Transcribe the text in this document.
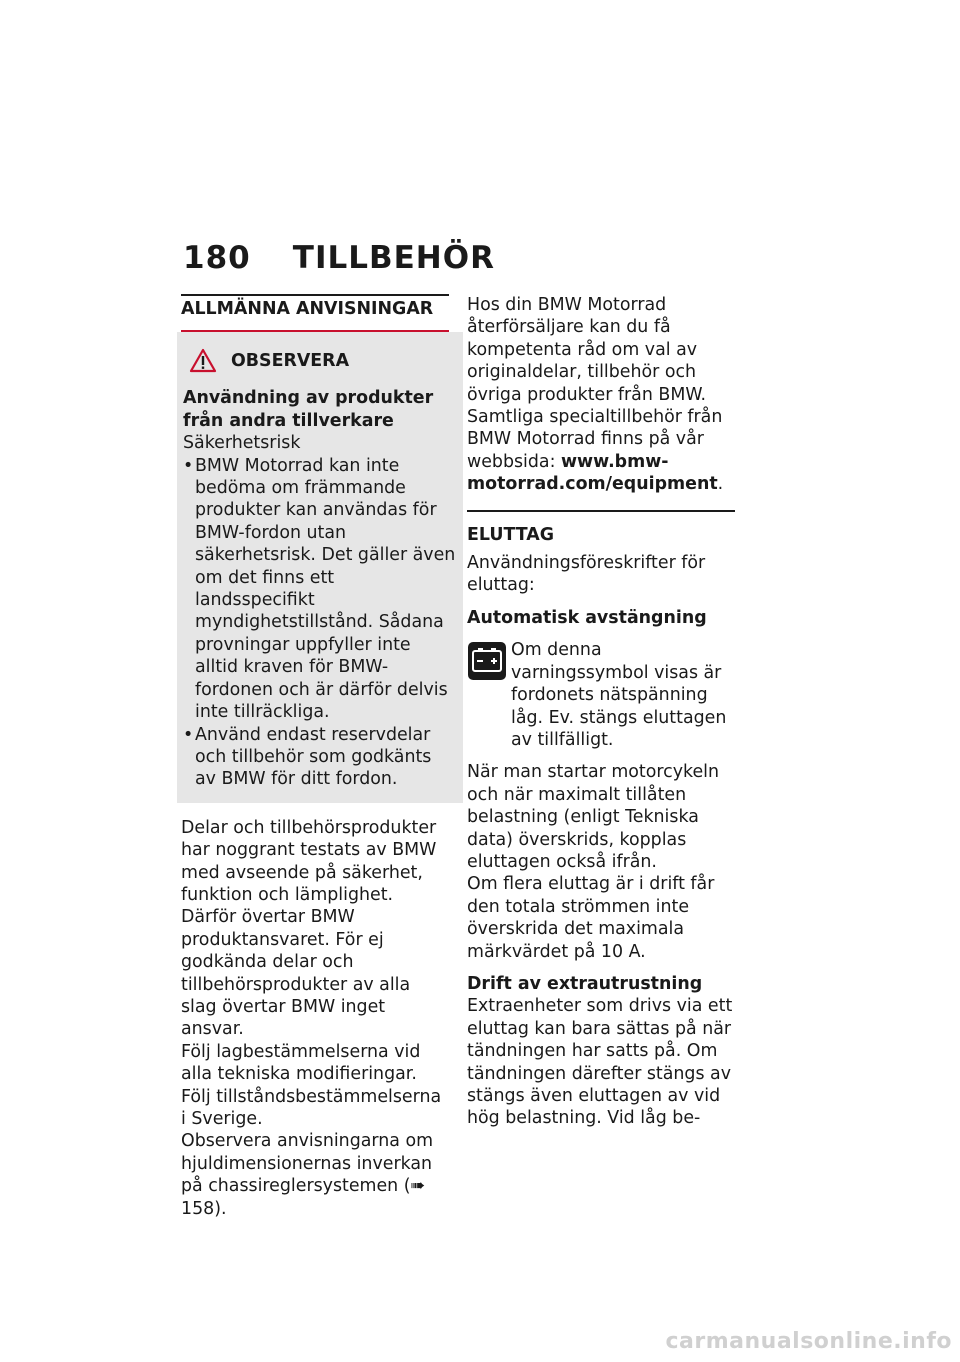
180 TILLBEHÖR
ALLMÄNNA ANVISNINGAR
OBSERVERA
Användning av produkter från andra tillverkare
Säkerhetsrisk
• BMW Motorrad kan inte bedöma om främmande produkter kan användas för BMW-fordon utan säkerhetsrisk. Det gäller även om det finns ett landsspecifikt myndighetstillstånd. Sådana provningar uppfyller inte alltid kraven för BMW-fordonen och är därför delvis inte tillräckliga.
• Använd endast reservdelar och tillbehör som godkänts av BMW för ditt fordon.

Delar och tillbehörsprodukter har noggrant testats av BMW med avseende på säkerhet, funktion och lämplighet. Därför övertar BMW produktansvaret. För ej godkända delar och tillbehörsprodukter av alla slag övertar BMW inget ansvar.

Följ lagbestämmelserna vid alla tekniska modifieringar. Följ tillståndsbestämmelserna i Sverige.

Observera anvisningarna om hjuldimensionernas inverkan på chassireglersystemen (➠ 158).

Hos din BMW Motorrad återförsäljare kan du få kompetenta råd om val av originaldelar, tillbehör och övriga produkter från BMW.

Samtliga specialtillbehör från BMW Motorrad finns på vår webbsida: www.bmw-motorrad.com/equipment.

ELUTTAG

Användningsföreskrifter för eluttag:

Automatisk avstängning
Om denna varningssymbol visas är fordonets nätspänning låg. Ev. stängs eluttagen av tillfälligt.

När man startar motorcykeln och när maximalt tillåten belastning (enligt Tekniska data) överskrids, kopplas eluttagen också ifrån.

Om flera eluttag är i drift får den totala strömmen inte överskrida det maximala märkvärdet på 10 A.

Drift av extrautrustning

Extraenheter som drivs via ett eluttag kan bara sättas på när tändningen har satts på. Om tändningen därefter stängs av stängs även eluttagen av vid hög belastning. Vid låg be-

carmanualsonline.info
